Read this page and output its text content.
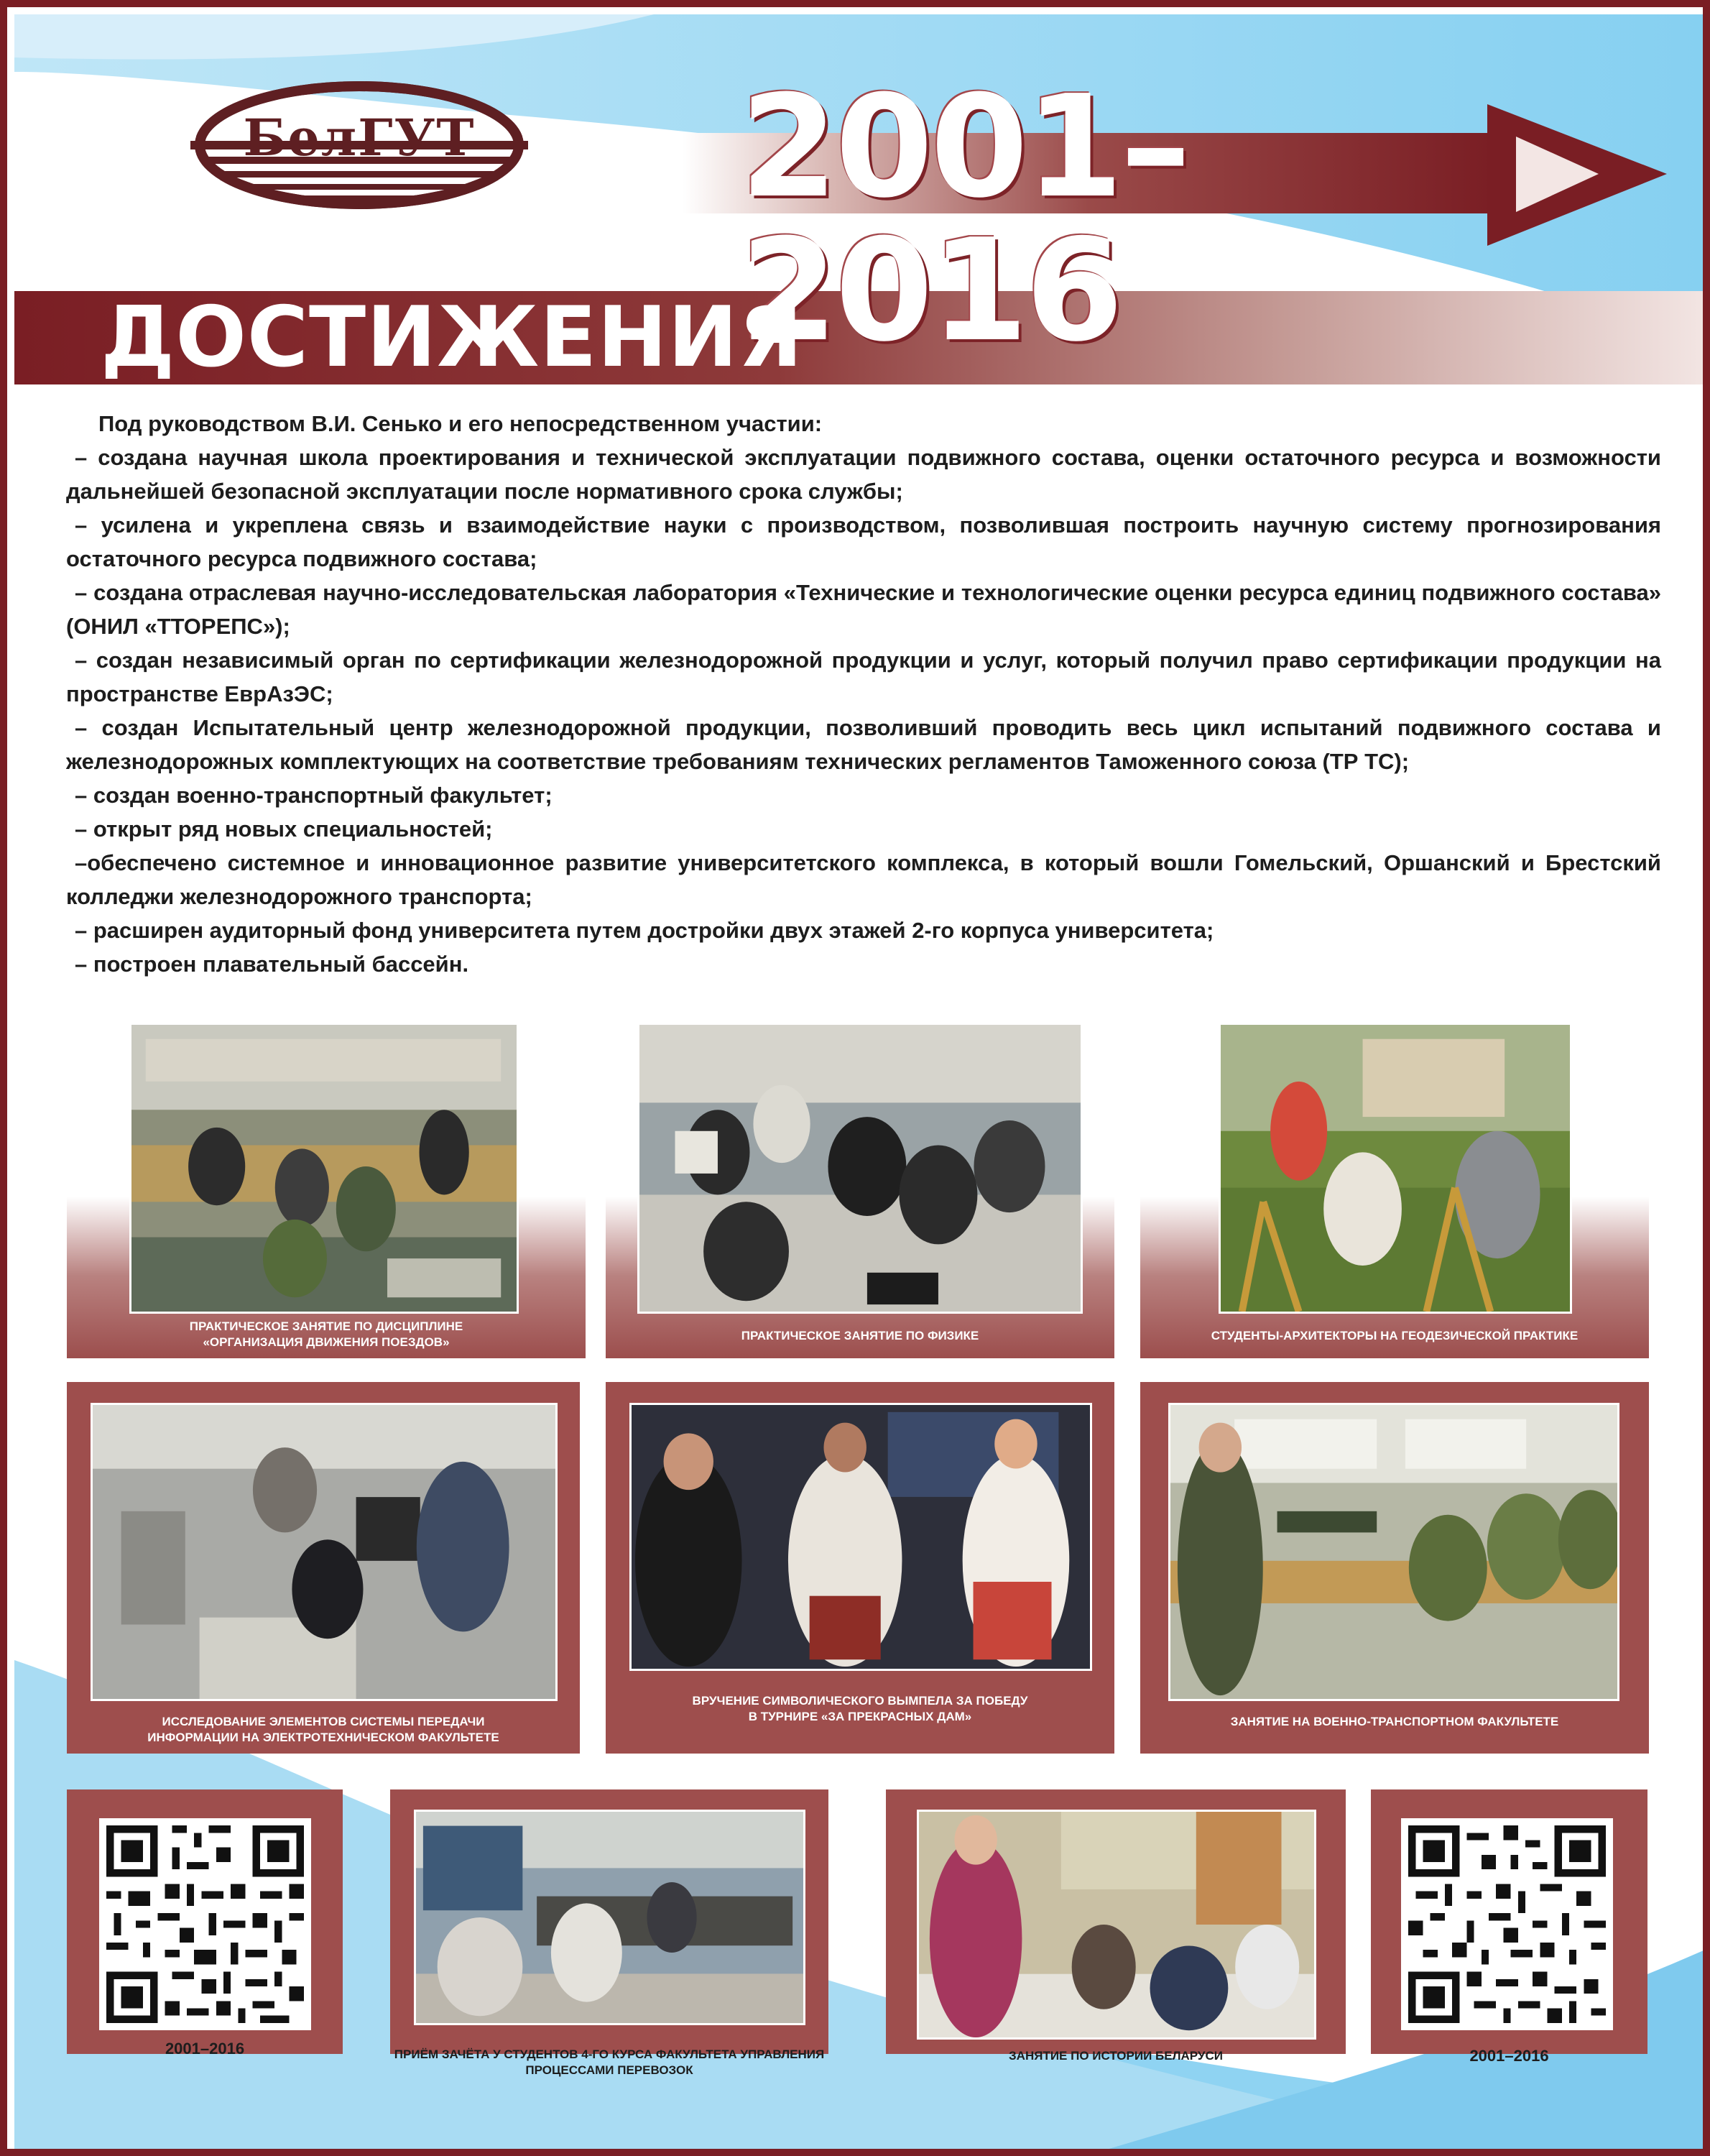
БелГУТ	2001–2016
ДОСТИЖЕНИЯ

Под руководством В.И. Сенько и его непосредственном участии:

– создана научная школа проектирования и технической эксплуатации подвижного состава, оценки остаточного ресурса и возможности дальнейшей безопасной эксплуатации после нормативного срока службы;

– усилена и укреплена связь и взаимодействие науки с производством, позволившая построить научную систему прогнозирования остаточного ресурса подвижного состава;

– создана отраслевая научно-исследовательская лаборатория «Технические и технологические оценки ресурса единиц подвижного состава» (ОНИЛ «ТТОРЕПС»);

– создан независимый орган по сертификации железнодорожной продукции и услуг, который получил право сертификации продукции на пространстве ЕврАзЭС;

– создан Испытательный центр железнодорожной продукции, позволивший проводить весь цикл испытаний подвижного состава и железнодорожных комплектующих на соответствие требованиям технических регламентов Таможенного союза (ТР ТС);

– создан военно-транспортный факультет;

– открыт ряд новых специальностей;

–обеспечено системное и инновационное развитие университетского комплекса, в который вошли Гомельский, Оршанский и Брестский колледжи железнодорожного транспорта;

– расширен аудиторный фонд университета путем достройки двух этажей 2-го корпуса университета;

– построен плавательный бассейн.

ПРАКТИЧЕСКОЕ ЗАНЯТИЕ ПО ДИСЦИПЛИНЕ
«ОРГАНИЗАЦИЯ ДВИЖЕНИЯ ПОЕЗДОВ»	ПРАКТИЧЕСКОЕ ЗАНЯТИЕ ПО ФИЗИКЕ	СТУДЕНТЫ-АРХИТЕКТОРЫ НА ГЕОДЕЗИЧЕСКОЙ ПРАКТИКЕ
ИССЛЕДОВАНИЕ ЭЛЕМЕНТОВ СИСТЕМЫ ПЕРЕДАЧИ
ИНФОРМАЦИИ НА ЭЛЕКТРОТЕХНИЧЕСКОМ ФАКУЛЬТЕТЕ
ВРУЧЕНИЕ СИМВОЛИЧЕСКОГО ВЫМПЕЛА ЗА ПОБЕДУ
В ТУРНИРЕ «ЗА ПРЕКРАСНЫХ ДАМ»	ЗАНЯТИЕ НА ВОЕННО-ТРАНСПОРТНОМ ФАКУЛЬТЕТЕ
2001–2016	ПРИЁМ ЗАЧЁТА У СТУДЕНТОВ 4-ГО КУРСА ФАКУЛЬТЕТА УПРАВЛЕНИЯ
ПРОЦЕССАМИ ПЕРЕВОЗОК
ЗАНЯТИЕ ПО ИСТОРИИ БЕЛАРУСИ	2001–2016
